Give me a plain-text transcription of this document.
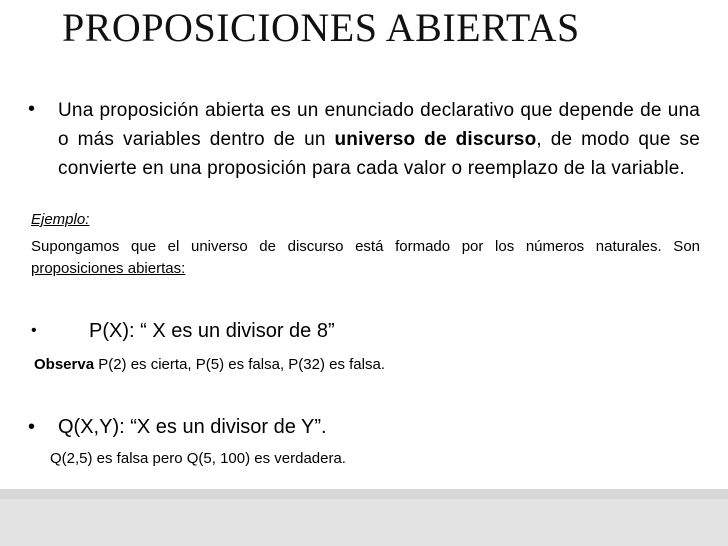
PROPOSICIONES ABIERTAS
• Una proposición abierta es un enunciado declarativo que depende de una o más variables dentro de un universo de discurso, de modo que se convierte en una proposición para cada valor o reemplazo de la variable.
Ejemplo:
Supongamos que el universo de discurso está formado por los números naturales. Son proposiciones abiertas:
•	P(X): “ X es un divisor de 8”
Observa P(2) es cierta, P(5) es falsa, P(32) es falsa.
• Q(X,Y): “X es un divisor de Y”.
Q(2,5) es falsa pero Q(5, 100) es verdadera.
